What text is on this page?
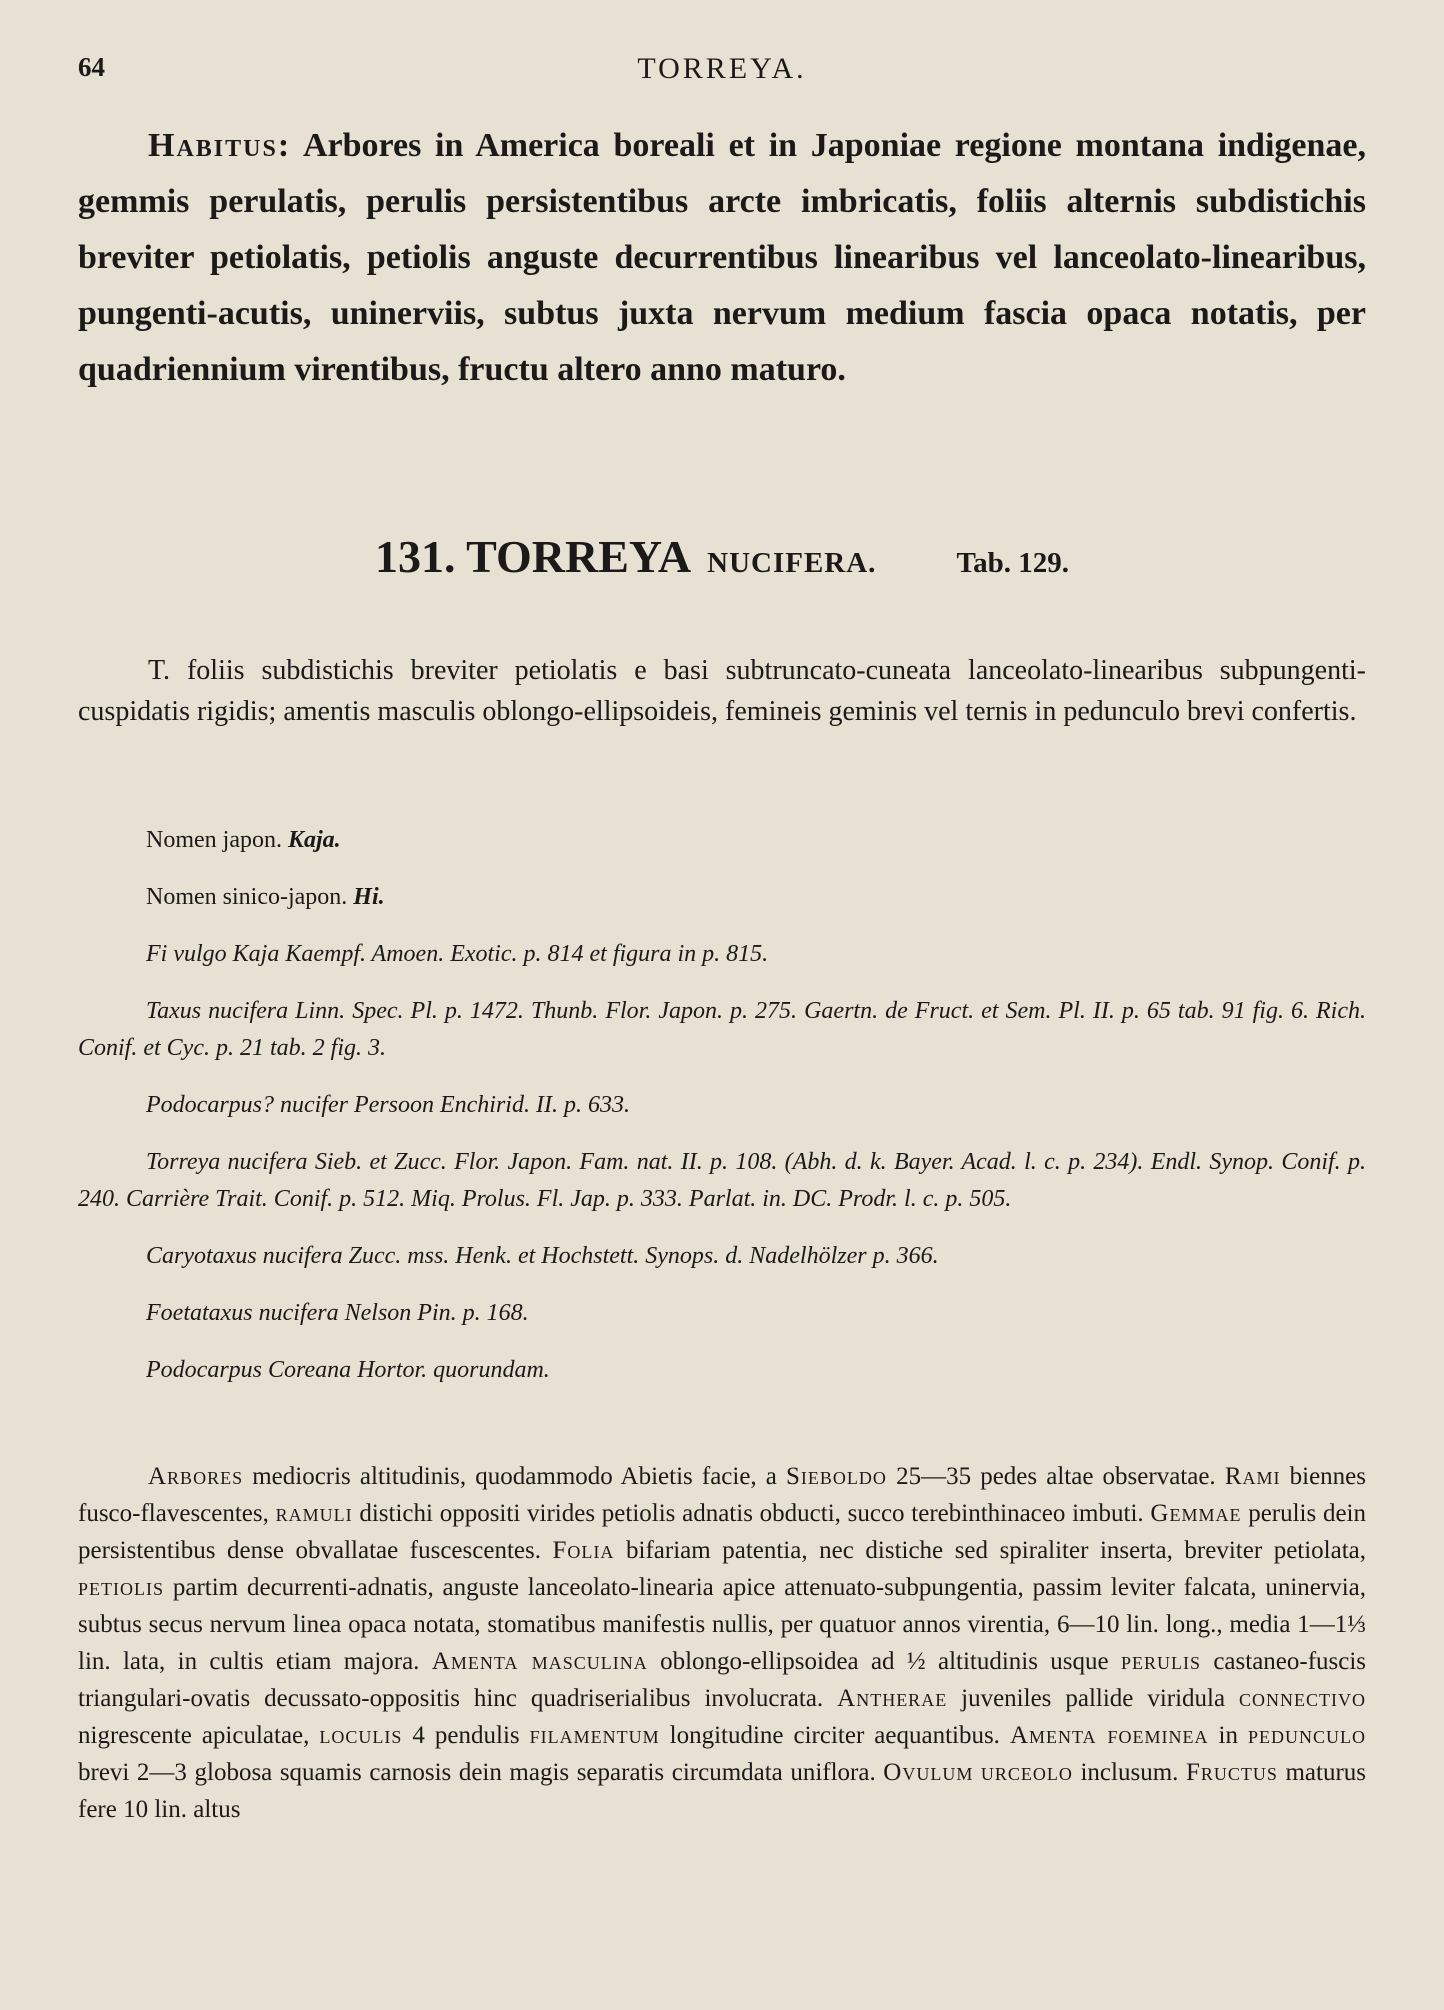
64	TORREYA.

Habitus: Arbores in America boreali et in Japoniae regione montana indigenae, gemmis perulatis, perulis persistentibus arcte imbricatis, foliis alternis subdistichis breviter petiolatis, petiolis anguste decurrentibus linearibus vel lanceolato-linearibus, pungenti-acutis, uninerviis, subtus juxta nervum medium fascia opaca notatis, per quadriennium virentibus, fructu altero anno maturo.

131. TORREYA NUCIFERA.	Tab. 129.

T. foliis subdistichis breviter petiolatis e basi subtruncato-cuneata lanceolato-linearibus subpungenti-cuspidatis rigidis; amentis masculis oblongo-ellipsoideis, femineis geminis vel ternis in pedunculo brevi confertis.

Nomen japon. Kaja.

Nomen sinico-japon. Hi.

Fi vulgo Kaja Kaempf. Amoen. Exotic. p. 814 et figura in p. 815.

Taxus nucifera Linn. Spec. Pl. p. 1472. Thunb. Flor. Japon. p. 275. Gaertn. de Fruct. et Sem. Pl. II. p. 65 tab. 91 fig. 6. Rich. Conif. et Cyc. p. 21 tab. 2 fig. 3.

Podocarpus? nucifer Persoon Enchirid. II. p. 633.

Torreya nucifera Sieb. et Zucc. Flor. Japon. Fam. nat. II. p. 108. (Abh. d. k. Bayer. Acad. l. c. p. 234). Endl. Synop. Conif. p. 240. Carrière Trait. Conif. p. 512. Miq. Prolus. Fl. Jap. p. 333. Parlat. in. DC. Prodr. l. c. p. 505.

Caryotaxus nucifera Zucc. mss. Henk. et Hochstett. Synops. d. Nadelhölzer p. 366.

Foetataxus nucifera Nelson Pin. p. 168.

Podocarpus Coreana Hortor. quorundam.

Arbores mediocris altitudinis, quodammodo Abietis facie, a Sieboldo 25—35 pedes altae observatae. Rami biennes fusco-flavescentes, ramuli distichi oppositi virides petiolis adnatis obducti, succo terebinthinaceo imbuti. Gemmae perulis dein persistentibus dense obvallatae fuscescentes. Folia bifariam patentia, nec distiche sed spiraliter inserta, breviter petiolata, petiolis partim decurrenti-adnatis, anguste lanceolato-linearia apice attenuato-subpungentia, passim leviter falcata, uninervia, subtus secus nervum linea opaca notata, stomatibus manifestis nullis, per quatuor annos virentia, 6—10 lin. long., media 1—1⅓ lin. lata, in cultis etiam majora. Amenta masculina oblongo-ellipsoidea ad ½ altitudinis usque perulis castaneo-fuscis triangulari-ovatis decussato-oppositis hinc quadriserialibus involucrata. Antherae juveniles pallide viridula connectivo nigrescente apiculatae, loculis 4 pendulis filamentum longitudine circiter aequantibus. Amenta foeminea in pedunculo brevi 2—3 globosa squamis carnosis dein magis separatis circumdata uniflora. Ovulum urceolo inclusum. Fructus maturus fere 10 lin. altus
